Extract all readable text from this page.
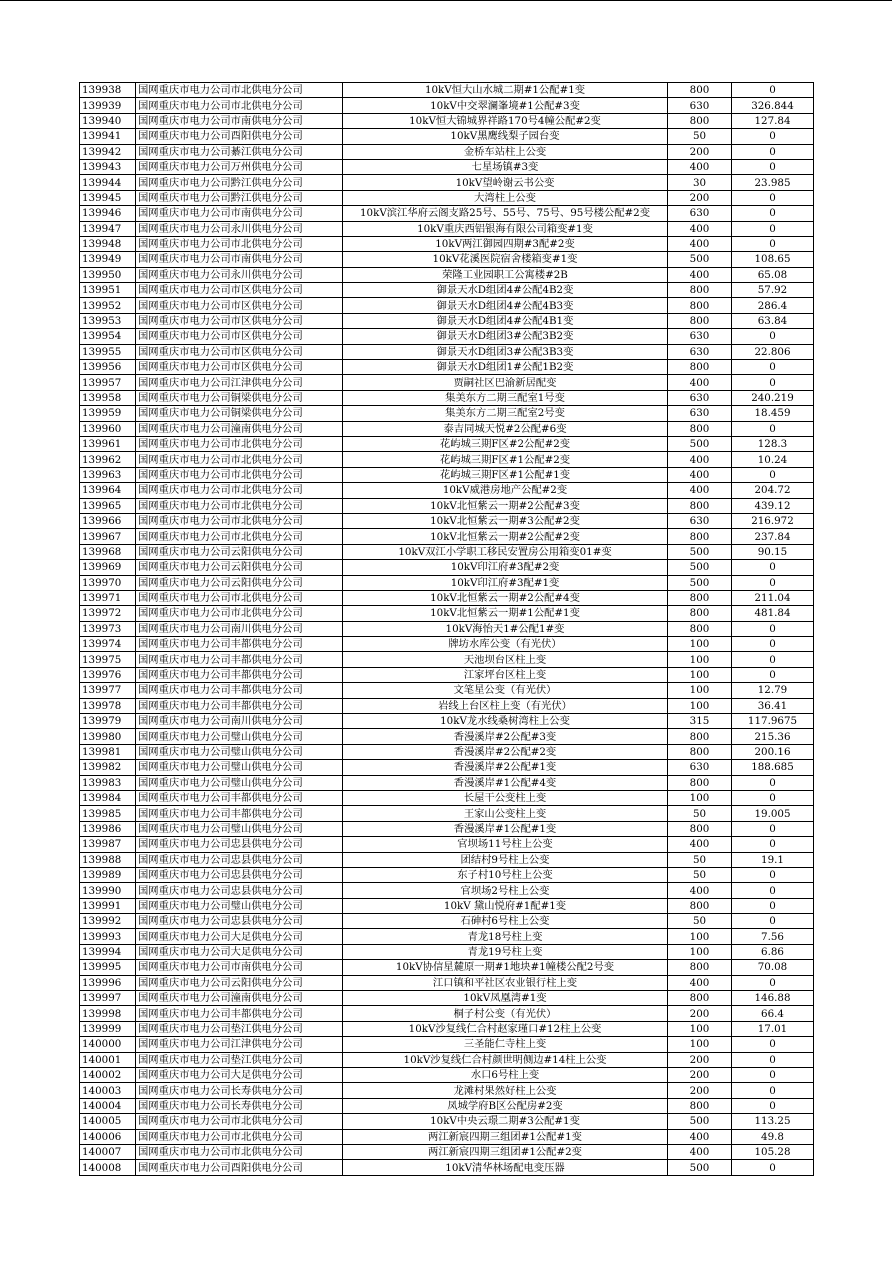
139938	国网重庆市电力公司市北供电分公司	10kV恒大山水城二期#1公配#1变	800	0
139939	国网重庆市电力公司市北供电分公司	10kV中交翠澜峯境#1公配#3变	630	326.844
139940	国网重庆市电力公司市南供电分公司	10kV恒大锦城界祥路170号4幢公配#2变	800	127.84
139941	国网重庆市电力公司酉阳供电分公司	10kV黑鹰线梨子园台变	50	0
139942	国网重庆市电力公司綦江供电分公司	金桥车站柱上公变	200	0
139943	国网重庆市电力公司万州供电分公司	七星场镇#3变	400	0
139944	国网重庆市电力公司黔江供电分公司	10kV望岭谢云书公变	30	23.985
139945	国网重庆市电力公司黔江供电分公司	大湾柱上公变	200	0
139946	国网重庆市电力公司市南供电分公司	10kV滨江华府云阁支路25号、55号、75号、95号楼公配#2变	630	0
139947	国网重庆市电力公司永川供电分公司	10kV重庆西铝银海有限公司箱变#1变	400	0
139948	国网重庆市电力公司市北供电分公司	10kV两江御园四期#3配#2变	400	0
139949	国网重庆市电力公司市南供电分公司	10kV花溪医院宿舍楼箱变#1变	500	108.65
139950	国网重庆市电力公司永川供电分公司	荣隆工业园职工公寓楼#2B	400	65.08
139951	国网重庆市电力公司市区供电分公司	御景天水D组团4#公配4B2变	800	57.92
139952	国网重庆市电力公司市区供电分公司	御景天水D组团4#公配4B3变	800	286.4
139953	国网重庆市电力公司市区供电分公司	御景天水D组团4#公配4B1变	800	63.84
139954	国网重庆市电力公司市区供电分公司	御景天水D组团3#公配3B2变	630	0
139955	国网重庆市电力公司市区供电分公司	御景天水D组团3#公配3B3变	630	22.806
139956	国网重庆市电力公司市区供电分公司	御景天水D组团1#公配1B2变	800	0
139957	国网重庆市电力公司江津供电分公司	贾嗣社区巴渝新居配变	400	0
139958	国网重庆市电力公司铜梁供电分公司	集美东方二期三配室1号变	630	240.219
139959	国网重庆市电力公司铜梁供电分公司	集美东方二期三配室2号变	630	18.459
139960	国网重庆市电力公司潼南供电分公司	泰吉同城天悦#2公配#6变	800	0
139961	国网重庆市电力公司市北供电分公司	花屿城三期F区#2公配#2变	500	128.3
139962	国网重庆市电力公司市北供电分公司	花屿城三期F区#1公配#2变	400	10.24
139963	国网重庆市电力公司市北供电分公司	花屿城三期F区#1公配#1变	400	0
139964	国网重庆市电力公司市北供电分公司	10kV威港房地产公配#2变	400	204.72
139965	国网重庆市电力公司市北供电分公司	10kV北恒紫云一期#2公配#3变	800	439.12
139966	国网重庆市电力公司市北供电分公司	10kV北恒紫云一期#3公配#2变	630	216.972
139967	国网重庆市电力公司市北供电分公司	10kV北恒紫云一期#2公配#2变	800	237.84
139968	国网重庆市电力公司云阳供电分公司	10kV双江小学职工移民安置房公用箱变01#变	500	90.15
139969	国网重庆市电力公司云阳供电分公司	10kV印江府#3配#2变	500	0
139970	国网重庆市电力公司云阳供电分公司	10kV印江府#3配#1变	500	0
139971	国网重庆市电力公司市北供电分公司	10kV北恒紫云一期#2公配#4变	800	211.04
139972	国网重庆市电力公司市北供电分公司	10kV北恒紫云一期#1公配#1变	800	481.84
139973	国网重庆市电力公司南川供电分公司	10kV海怡天1#公配1#变	800	0
139974	国网重庆市电力公司丰都供电分公司	牌坊水库公变（有光伏）	100	0
139975	国网重庆市电力公司丰都供电分公司	天池坝台区柱上变	100	0
139976	国网重庆市电力公司丰都供电分公司	江家坪台区柱上变	100	0
139977	国网重庆市电力公司丰都供电分公司	文笔星公变（有光伏）	100	12.79
139978	国网重庆市电力公司丰都供电分公司	岩线上台区柱上变（有光伏）	100	36.41
139979	国网重庆市电力公司南川供电分公司	10kV龙水线桑树湾柱上公变	315	117.9675
139980	国网重庆市电力公司璧山供电分公司	香漫溪岸#2公配#3变	800	215.36
139981	国网重庆市电力公司璧山供电分公司	香漫溪岸#2公配#2变	800	200.16
139982	国网重庆市电力公司璧山供电分公司	香漫溪岸#2公配#1变	630	188.685
139983	国网重庆市电力公司璧山供电分公司	香漫溪岸#1公配#4变	800	0
139984	国网重庆市电力公司丰都供电分公司	长屋干公变柱上变	100	0
139985	国网重庆市电力公司丰都供电分公司	王家山公变柱上变	50	19.005
139986	国网重庆市电力公司璧山供电分公司	香漫溪岸#1公配#1变	800	0
139987	国网重庆市电力公司忠县供电分公司	官坝场11号柱上公变	400	0
139988	国网重庆市电力公司忠县供电分公司	团结村9号柱上公变	50	19.1
139989	国网重庆市电力公司忠县供电分公司	东子村10号柱上公变	50	0
139990	国网重庆市电力公司忠县供电分公司	官坝场2号柱上公变	400	0
139991	国网重庆市电力公司璧山供电分公司	10kV 黛山悦府#1配#1变	800	0
139992	国网重庆市电力公司忠县供电分公司	石砷村6号柱上公变	50	0
139993	国网重庆市电力公司大足供电分公司	青龙18号柱上变	100	7.56
139994	国网重庆市电力公司大足供电分公司	青龙19号柱上变	100	6.86
139995	国网重庆市电力公司市南供电分公司	10kV协信星麓原一期#1地块#1幢楼公配2号变	800	70.08
139996	国网重庆市电力公司云阳供电分公司	江口镇和平社区农业银行柱上变	400	0
139997	国网重庆市电力公司潼南供电分公司	10kV凤凰湾#1变	800	146.88
139998	国网重庆市电力公司丰都供电分公司	桐子村公变（有光伏）	200	66.4
139999	国网重庆市电力公司垫江供电分公司	10kV沙复线仁合村赵家瑾口#12柱上公变	100	17.01
140000	国网重庆市电力公司江津供电分公司	三圣能仁寺柱上变	100	0
140001	国网重庆市电力公司垫江供电分公司	10kV沙复线仁合村颜世明侧边#14柱上公变	200	0
140002	国网重庆市电力公司大足供电分公司	水口6号柱上变	200	0
140003	国网重庆市电力公司长寿供电分公司	龙滩村果然好柱上公变	200	0
140004	国网重庆市电力公司长寿供电分公司	凤城学府B区公配房#2变	800	0
140005	国网重庆市电力公司市北供电分公司	10kV中央云璟二期#3公配#1变	500	113.25
140006	国网重庆市电力公司市北供电分公司	两江新宸四期三组团#1公配#1变	400	49.8
140007	国网重庆市电力公司市北供电分公司	两江新宸四期三组团#1公配#2变	400	105.28
140008	国网重庆市电力公司酉阳供电分公司	10kV清华林场配电变压器	500	0
